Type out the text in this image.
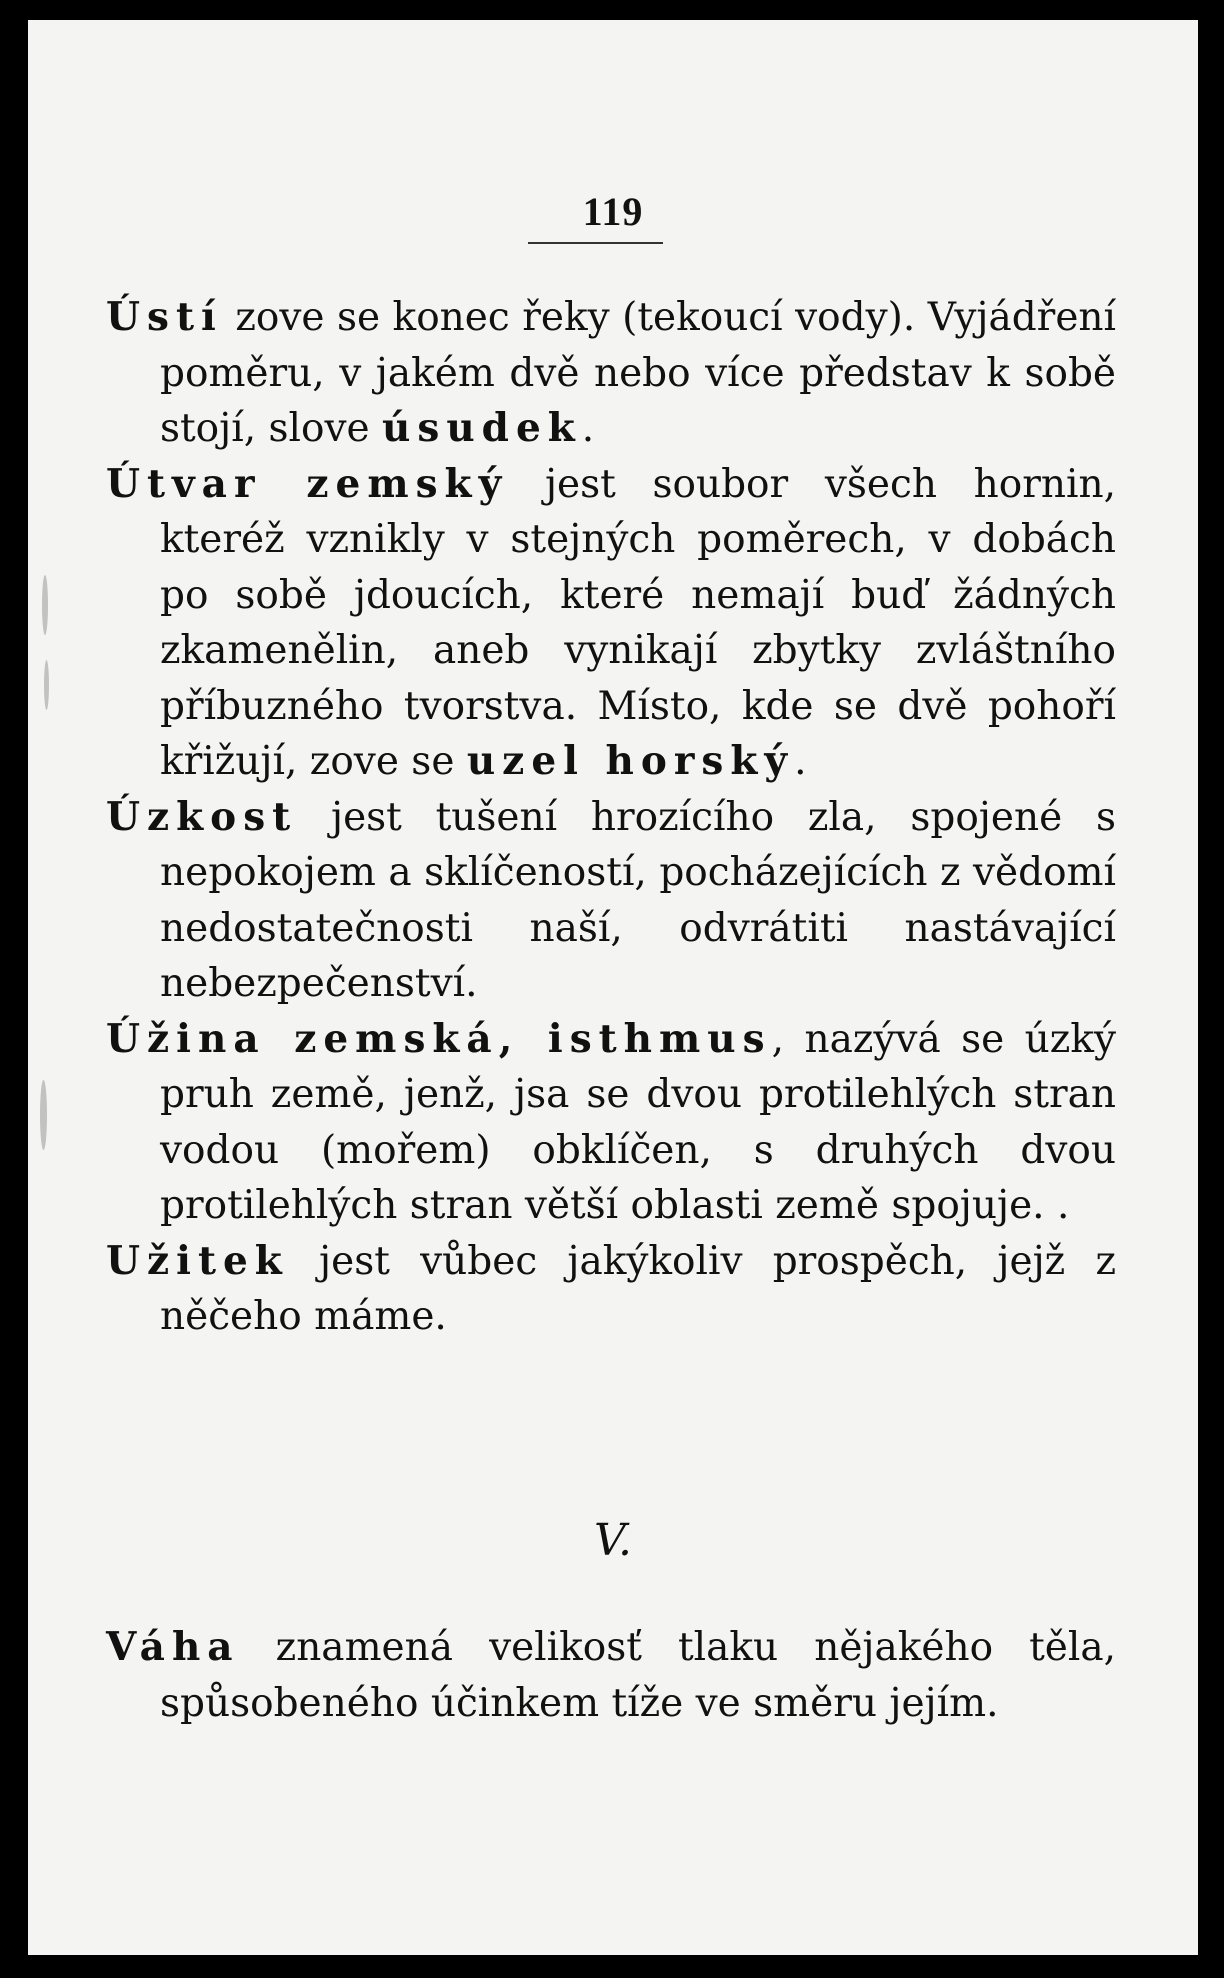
119

Ústí zove se konec řeky (tekoucí vody). Vyjádření poměru, v jakém dvě nebo více představ k sobě stojí, slove úsudek.

Útvar zemský jest soubor všech hornin, kteréž vznikly v stejných poměrech, v dobách po sobě jdoucích, které nemají buď žádných zkamenělin, aneb vynikají zbytky zvláštního příbuzného tvorstva. Místo, kde se dvě pohoří křižují, zove se uzel horský.

Úzkost jest tušení hrozícího zla, spojené s nepokojem a sklíčeností, pocházejících z vědomí nedostatečnosti naší, odvrátiti nastávající nebezpečenství.

Úžina zemská, isthmus, nazývá se úzký pruh země, jenž, jsa se dvou protilehlých stran vodou (mořem) obklíčen, s druhých dvou protilehlých stran větší oblasti země spojuje. .

Užitek jest vůbec jakýkoliv prospěch, jejž z něčeho máme.

V.

Váha znamená velikosť tlaku nějakého těla, spůsobeného účinkem tíže ve směru jejím.
